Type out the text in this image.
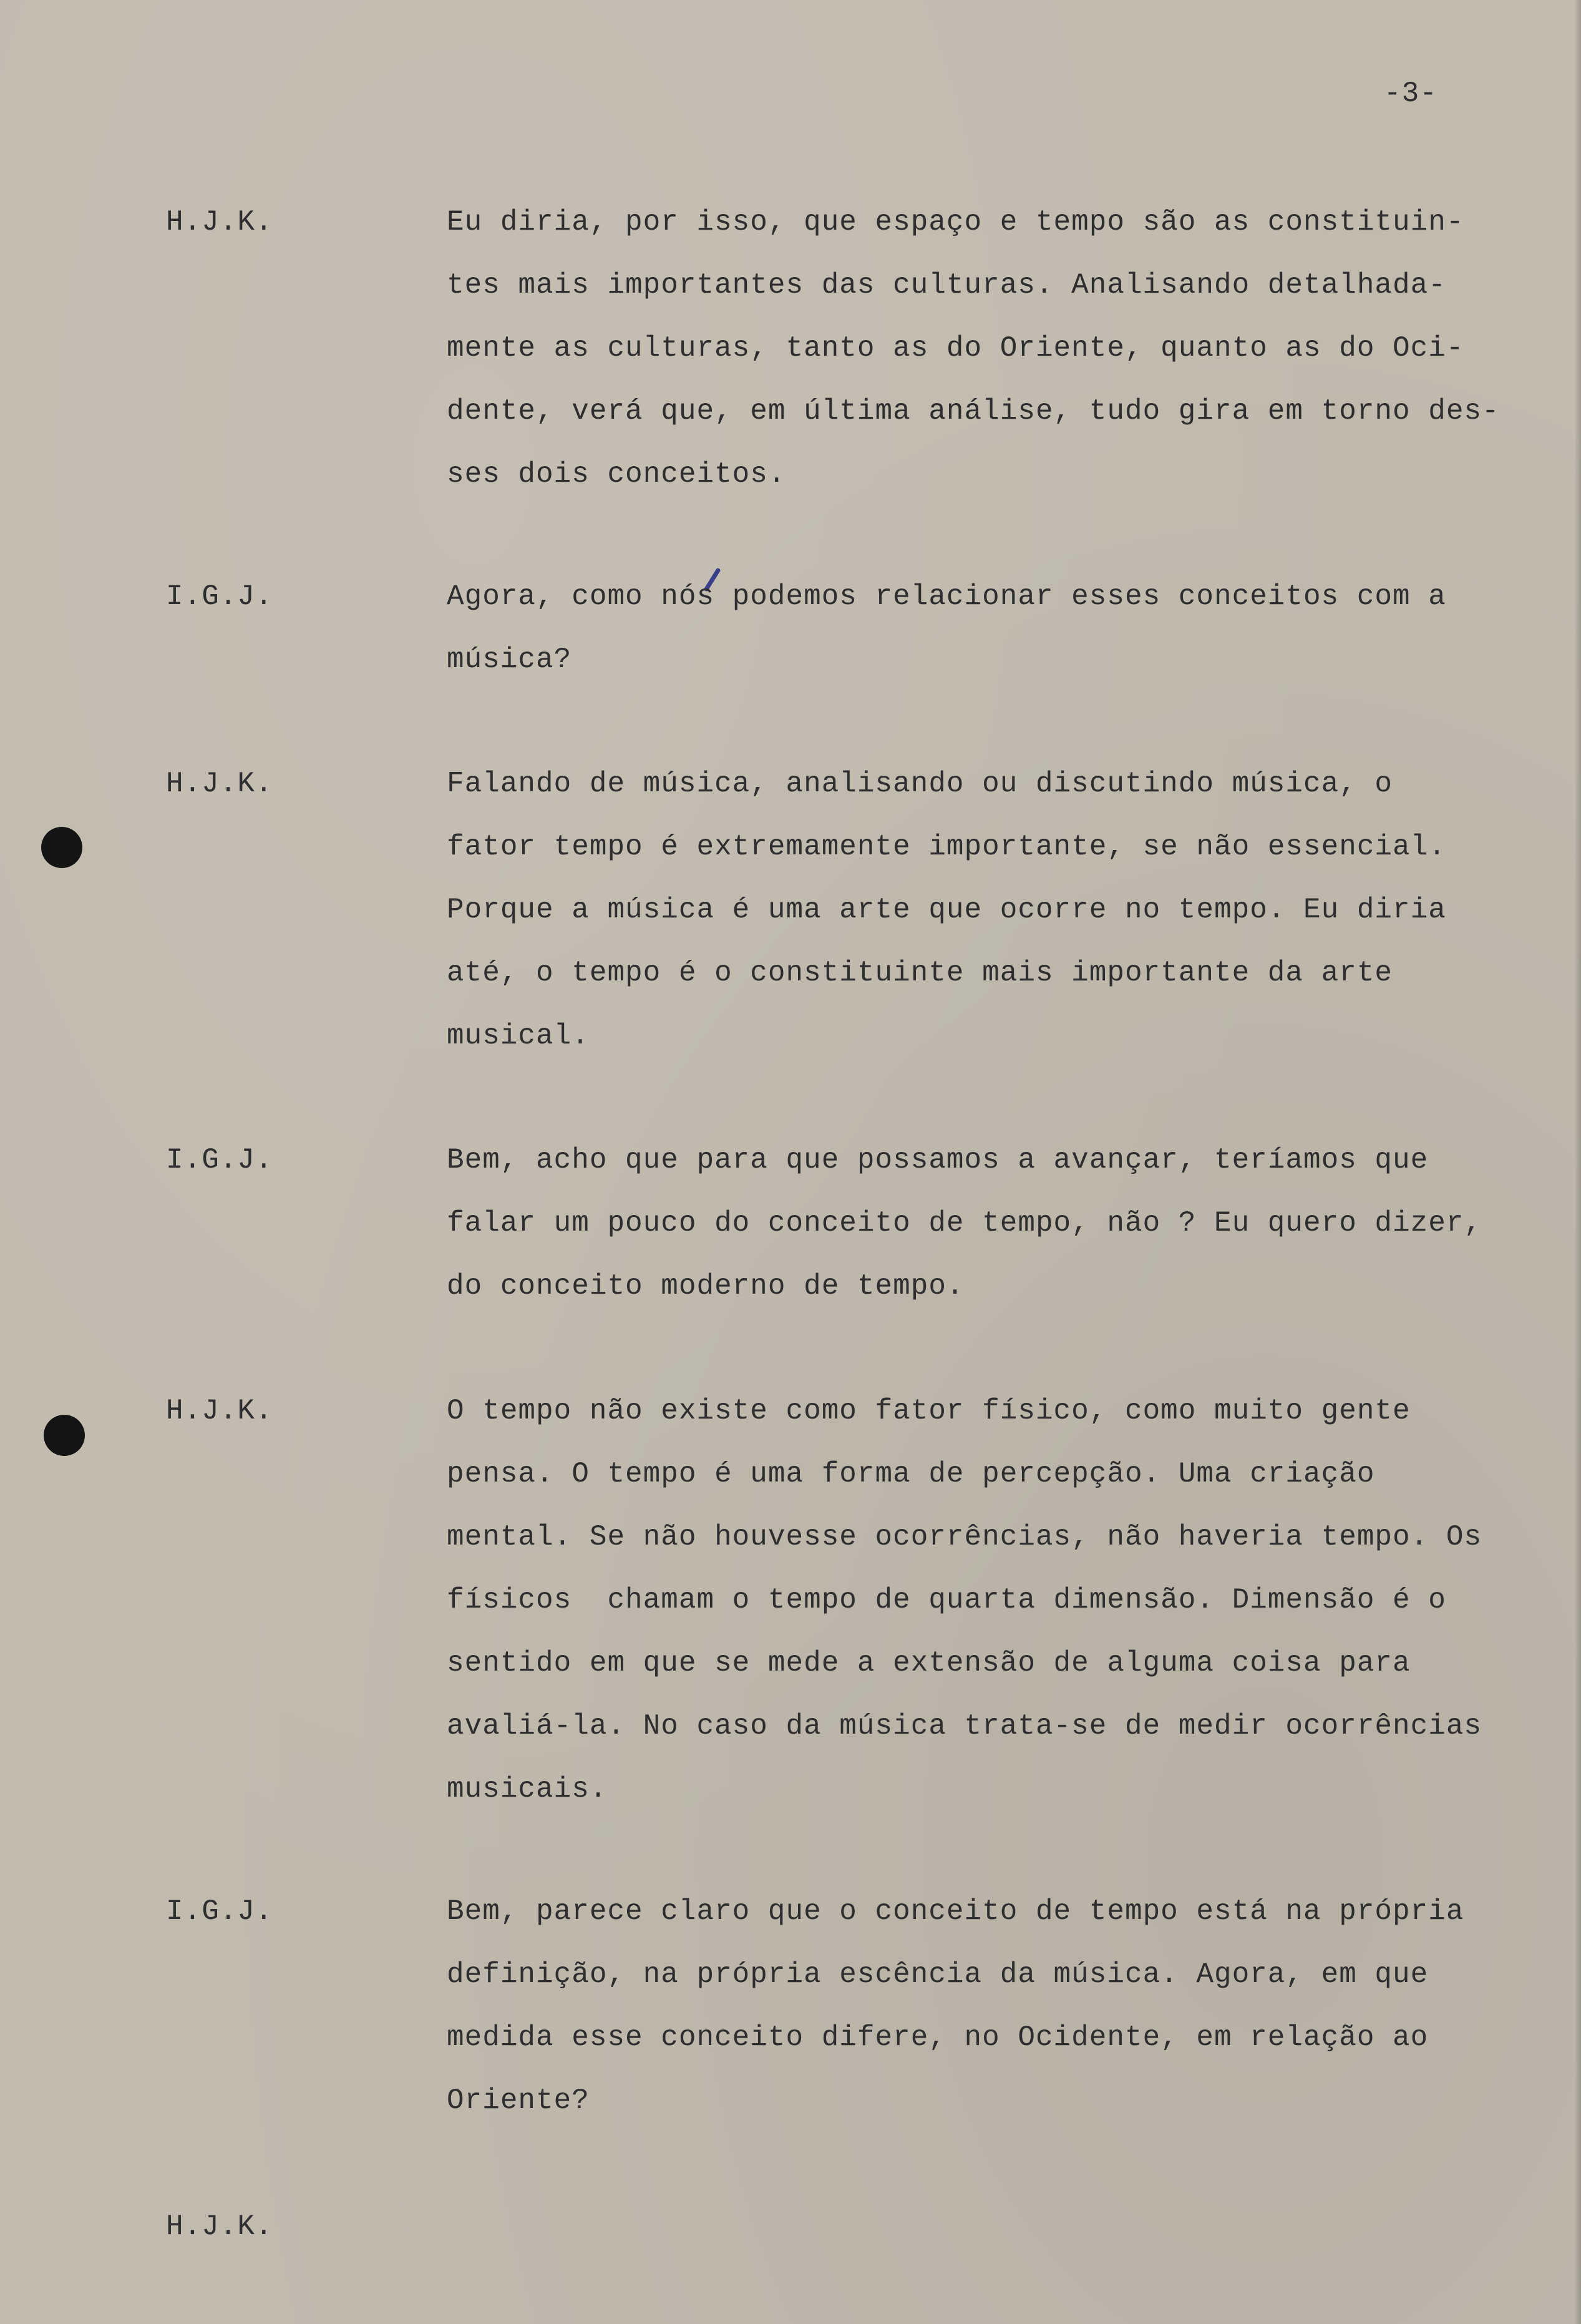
-3-
H.J.K.	Eu diria, por isso, que espaço e tempo são as constituin-
tes mais importantes das culturas. Analisando detalhada-
mente as culturas, tanto as do Oriente, quanto as do Oci-
dente, verá que, em última análise, tudo gira em torno des-
ses dois conceitos.
I.G.J.	Agora, como nós podemos relacionar esses conceitos com a
música?
H.J.K.	Falando de música, analisando ou discutindo música, o
fator tempo é extremamente importante, se não essencial.
Porque a música é uma arte que ocorre no tempo. Eu diria
até, o tempo é o constituinte mais importante da arte
musical.
I.G.J.	Bem, acho que para que possamos a avançar, teríamos que
falar um pouco do conceito de tempo, não ? Eu quero dizer,
do conceito moderno de tempo.
H.J.K.	O tempo não existe como fator físico, como muito gente
pensa. O tempo é uma forma de percepção. Uma criação
mental. Se não houvesse ocorrências, não haveria tempo. Os
físicos  chamam o tempo de quarta dimensão. Dimensão é o
sentido em que se mede a extensão de alguma coisa para
avaliá-la. No caso da música trata-se de medir ocorrências
musicais.
I.G.J.	Bem, parece claro que o conceito de tempo está na própria
definição, na própria escência da música. Agora, em que
medida esse conceito difere, no Ocidente, em relação ao
Oriente?
H.J.K.
